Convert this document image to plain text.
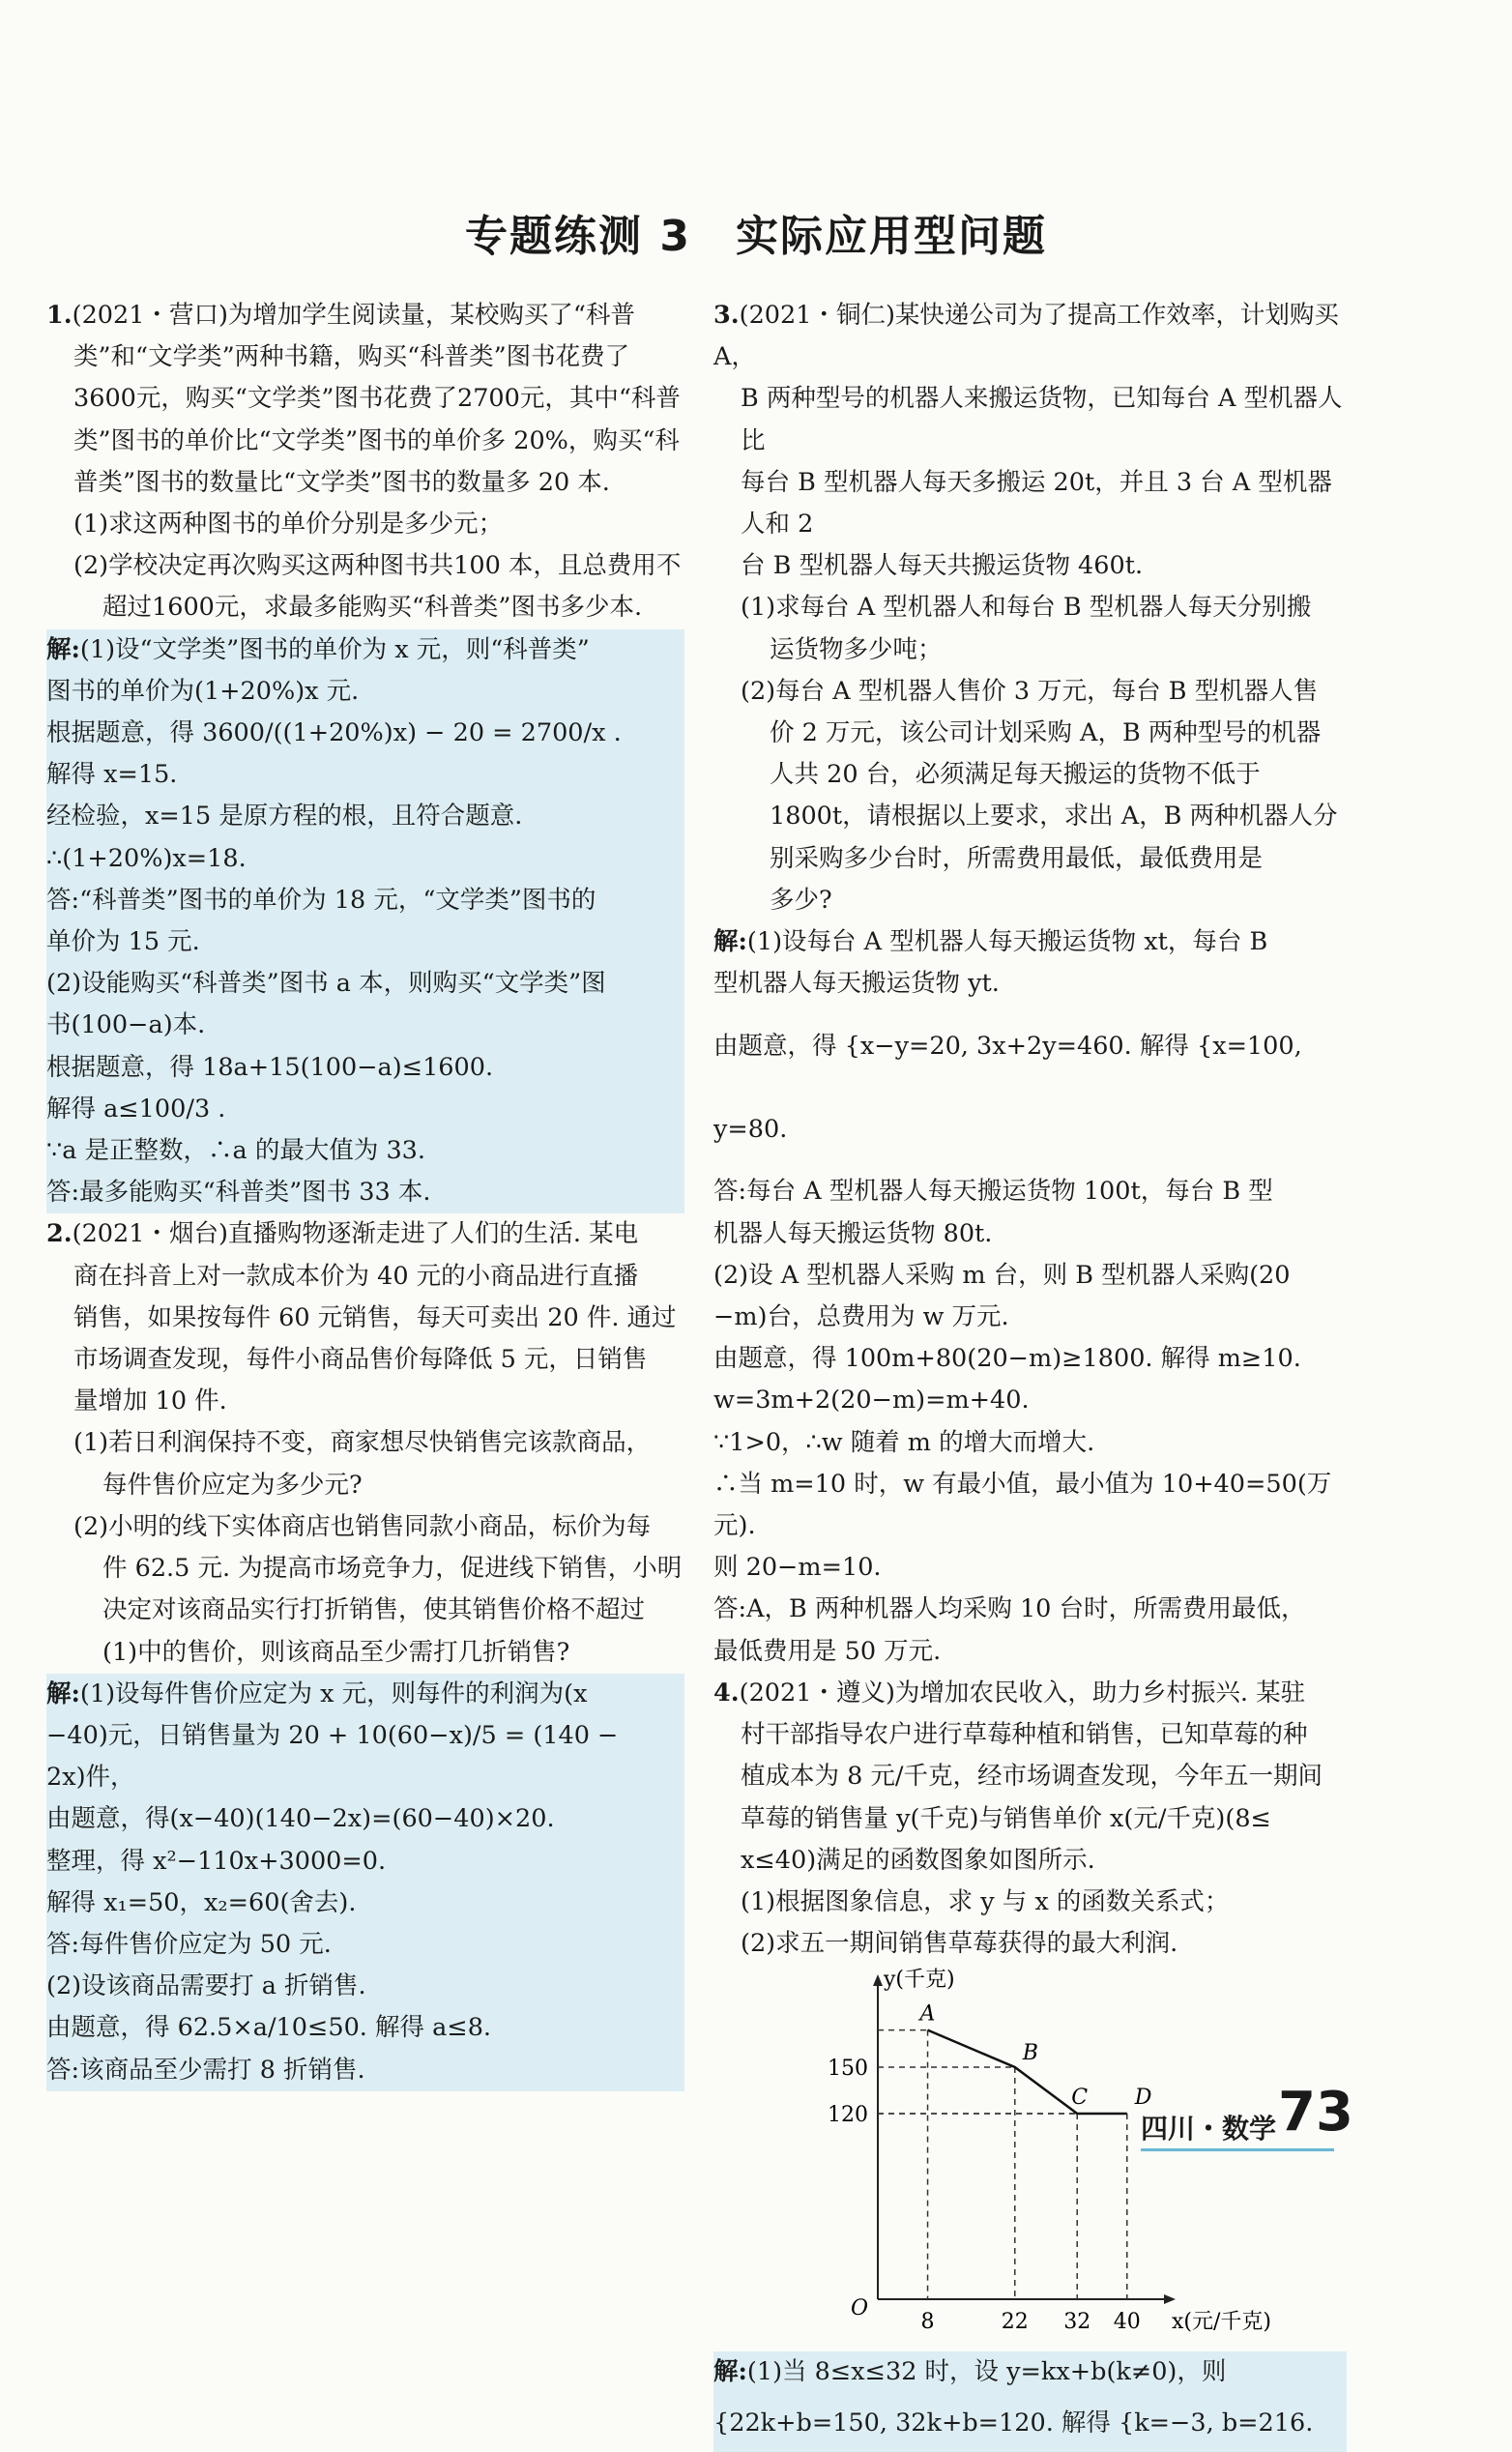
专题练测 3　实际应用型问题

1.(2021・营口)为增加学生阅读量，某校购买了“科普

类”和“文学类”两种书籍，购买“科普类”图书花费了

3600元，购买“文学类”图书花费了2700元，其中“科普

类”图书的单价比“文学类”图书的单价多 20%，购买“科

普类”图书的数量比“文学类”图书的数量多 20 本.

(1)求这两种图书的单价分别是多少元；

(2)学校决定再次购买这两种图书共100 本，且总费用不

超过1600元，求最多能购买“科普类”图书多少本.

解:(1)设“文学类”图书的单价为 x 元，则“科普类”

图书的单价为(1+20%)x 元.

根据题意，得 3600/((1+20%)x) − 20 = 2700/x .

解得 x=15.

经检验，x=15 是原方程的根，且符合题意.

∴(1+20%)x=18.

答:“科普类”图书的单价为 18 元，“文学类”图书的

单价为 15 元.

(2)设能购买“科普类”图书 a 本，则购买“文学类”图

书(100−a)本.

根据题意，得 18a+15(100−a)≤1600.

解得 a≤100/3 .

∵a 是正整数，∴a 的最大值为 33.

答:最多能购买“科普类”图书 33 本.

2.(2021・烟台)直播购物逐渐走进了人们的生活. 某电

商在抖音上对一款成本价为 40 元的小商品进行直播

销售，如果按每件 60 元销售，每天可卖出 20 件. 通过

市场调查发现，每件小商品售价每降低 5 元，日销售

量增加 10 件.

(1)若日利润保持不变，商家想尽快销售完该款商品，

每件售价应定为多少元?

(2)小明的线下实体商店也销售同款小商品，标价为每

件 62.5 元. 为提高市场竞争力，促进线下销售，小明

决定对该商品实行打折销售，使其销售价格不超过

(1)中的售价，则该商品至少需打几折销售?

解:(1)设每件售价应定为 x 元，则每件的利润为(x

−40)元，日销售量为 20 + 10(60−x)/5 = (140 −

2x)件，

由题意，得(x−40)(140−2x)=(60−40)×20.

整理，得 x²−110x+3000=0.

解得 x₁=50，x₂=60(舍去).

答:每件售价应定为 50 元.

(2)设该商品需要打 a 折销售.

由题意，得 62.5×a/10≤50. 解得 a≤8.

答:该商品至少需打 8 折销售.

3.(2021・铜仁)某快递公司为了提高工作效率，计划购买 A，

B 两种型号的机器人来搬运货物，已知每台 A 型机器人比

每台 B 型机器人每天多搬运 20t，并且 3 台 A 型机器人和 2

台 B 型机器人每天共搬运货物 460t.

(1)求每台 A 型机器人和每台 B 型机器人每天分别搬

运货物多少吨；

(2)每台 A 型机器人售价 3 万元，每台 B 型机器人售

价 2 万元，该公司计划采购 A，B 两种型号的机器

人共 20 台，必须满足每天搬运的货物不低于

1800t，请根据以上要求，求出 A，B 两种机器人分

别采购多少台时，所需费用最低，最低费用是

多少?

解:(1)设每台 A 型机器人每天搬运货物 xt，每台 B

型机器人每天搬运货物 yt.

由题意，得 {x−y=20, 3x+2y=460. 解得 {x=100, y=80.

答:每台 A 型机器人每天搬运货物 100t，每台 B 型

机器人每天搬运货物 80t.

(2)设 A 型机器人采购 m 台，则 B 型机器人采购(20

−m)台，总费用为 w 万元.

由题意，得 100m+80(20−m)≥1800. 解得 m≥10.

w=3m+2(20−m)=m+40.

∵1>0，∴w 随着 m 的增大而增大.

∴当 m=10 时，w 有最小值，最小值为 10+40=50(万元).

则 20−m=10.

答:A，B 两种机器人均采购 10 台时，所需费用最低，

最低费用是 50 万元.

4.(2021・遵义)为增加农民收入，助力乡村振兴. 某驻

村干部指导农户进行草莓种植和销售，已知草莓的种

植成本为 8 元/千克，经市场调查发现，今年五一期间

草莓的销售量 y(千克)与销售单价 x(元/千克)(8≤

x≤40)满足的函数图象如图所示.

(1)根据图象信息，求 y 与 x 的函数关系式；

(2)求五一期间销售草莓获得的最大利润.

y(千克)
x(元/千克)
O
A
B
C D
8	22 32 40
150
120

解:(1)当 8≤x≤32 时，设 y=kx+b(k≠0)，则

{22k+b=150, 32k+b=120. 解得 {k=−3, b=216.

四川・数学 73
